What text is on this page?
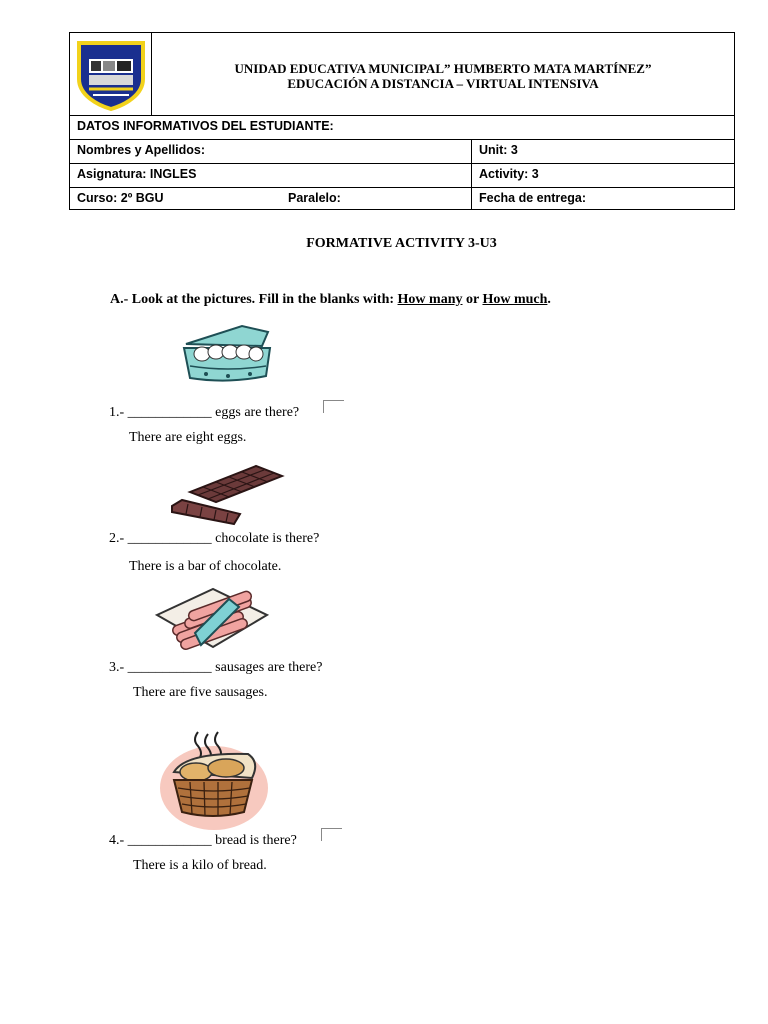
UNIDAD EDUCATIVA MUNICIPAL” HUMBERTO MATA MARTÍNEZ”
EDUCACIÓN A DISTANCIA – VIRTUAL INTENSIVA
DATOS INFORMATIVOS DEL ESTUDIANTE:
Nombres y Apellidos:	Unit: 3
Asignatura: INGLES	Activity: 3
Curso: 2º BGU	Paralelo:	Fecha de entrega:
FORMATIVE ACTIVITY 3-U3
A.- Look at the pictures. Fill in the blanks with: How many or How much.
1.- ____________ eggs are there?
There are eight eggs.
2.- ____________ chocolate is there?
There is a bar of chocolate.
3.- ____________ sausages are there?
There are five sausages.
4.- ____________ bread is there?
There is a kilo of bread.
